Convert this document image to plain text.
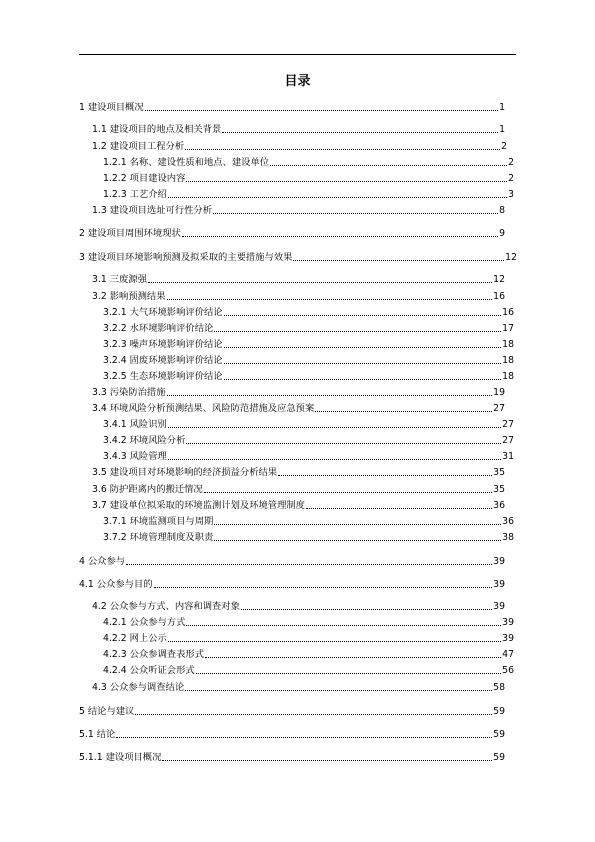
目录
1 建设项目概况	1
1.1 建设项目的地点及相关背景	1
1.2 建设项目工程分析	2
1.2.1 名称、建设性质和地点、建设单位	2
1.2.2 项目建设内容	2
1.2.3 工艺介绍	3
1.3 建设项目选址可行性分析	8
2 建设项目周围环境现状	9
3 建设项目环境影响预测及拟采取的主要措施与效果	12
3.1 三废源强	12
3.2 影响预测结果	16
3.2.1 大气环境影响评价结论	16
3.2.2 水环境影响评价结论	17
3.2.3 噪声环境影响评价结论	18
3.2.4 固废环境影响评价结论	18
3.2.5 生态环境影响评价结论	18
3.3 污染防治措施	19
3.4 环境风险分析预测结果、风险防范措施及应急预案	27
3.4.1 风险识别	27
3.4.2 环境风险分析	27
3.4.3 风险管理	31
3.5 建设项目对环境影响的经济损益分析结果	35
3.6 防护距离内的搬迁情况	35
3.7 建设单位拟采取的环境监测计划及环境管理制度	36
3.7.1 环境监测项目与周期	36
3.7.2 环境管理制度及职责	38
4 公众参与	39
4.1 公众参与目的	39
4.2 公众参与方式、内容和调查对象	39
4.2.1 公众参与方式	39
4.2.2 网上公示	39
4.2.3 公众参调查表形式	47
4.2.4 公众听证会形式	56
4.3 公众参与调查结论	58
5 结论与建议	59
5.1 结论	59
5.1.1 建设项目概况	59
